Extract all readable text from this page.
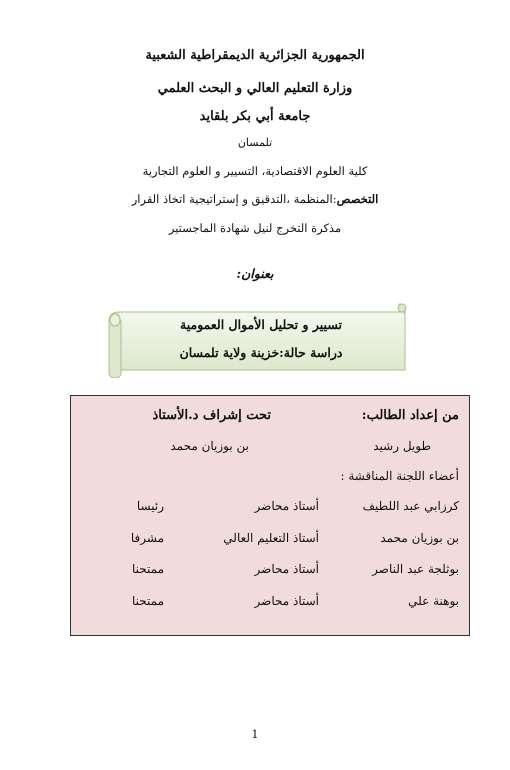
الجمهورية الجزائرية الديمقراطية الشعبية
وزارة التعليم العالي و البحث العلمي
جامعة أبي بكر بلقايد
تلمسان
كلية العلوم الاقتصادية، التسيير و العلوم التجارية
التخصص:المنظمة ،التدقيق و إستراتيجية اتخاذ القرار
مذكرة التخرج لنيل شهادة الماجستير
بعنوان:
تسيير و تحليل الأموال العمومية
دراسة حالة:خزينة ولاية تلمسان
من إعداد الطالب:
تحت إشراف د.الأستاذ
طويل رشيد
بن بوزيان محمد
أعضاء اللجنة المناقشة :
كرزابي عبد اللطيف
أستاذ محاضر
رئيسا
بن بوزيان محمد
أستاذ التعليم العالي
مشرفا
بوثلجة عبد الناصر
أستاذ محاضر
ممتحنا
بوهنة علي
أستاذ محاضر
ممتحنا
1
